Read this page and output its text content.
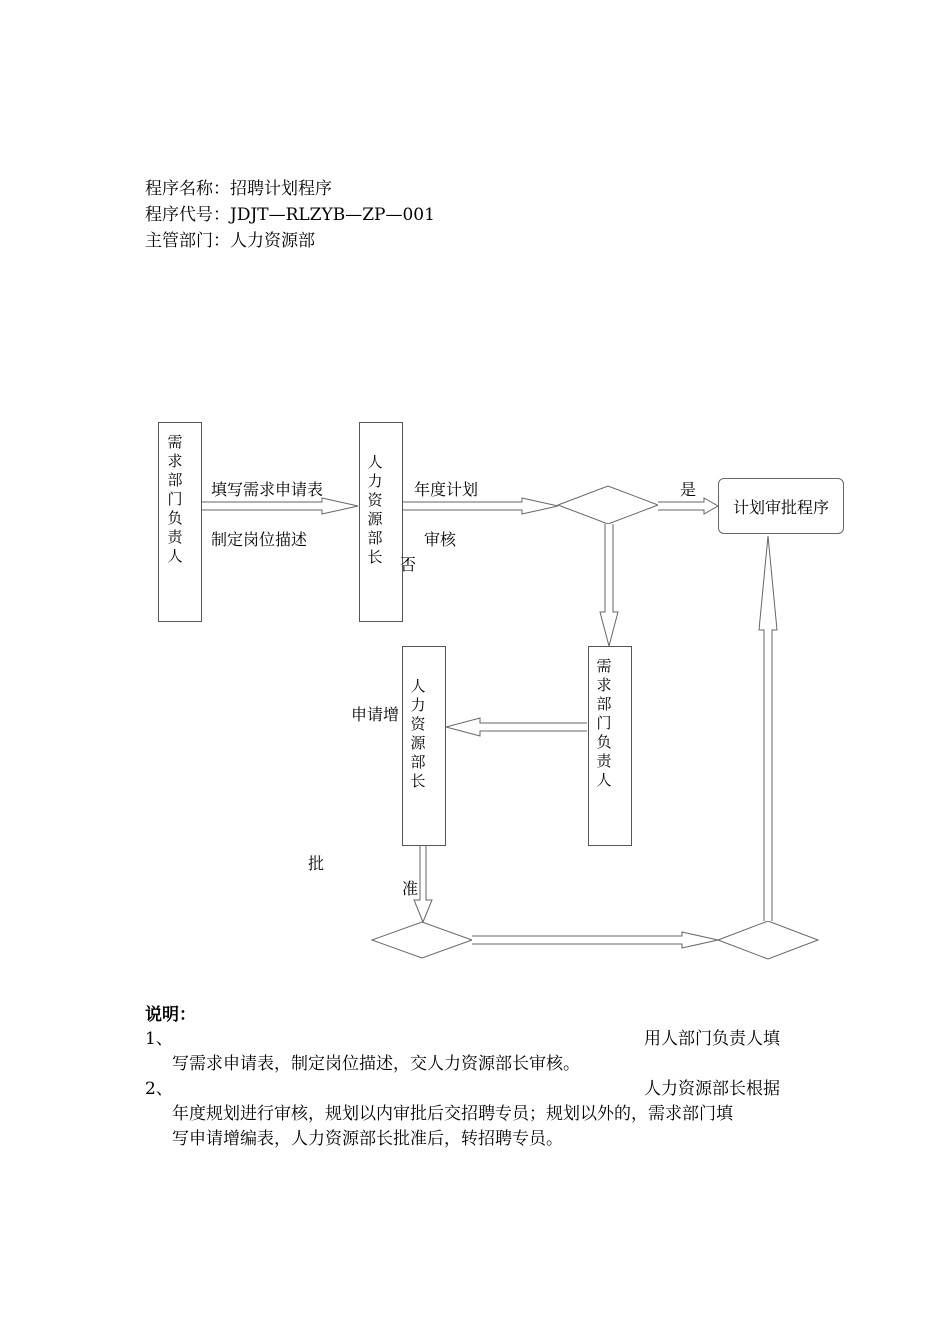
程序名称：招聘计划程序
程序代号：JDJT—RLZYB—ZP—001
主管部门：人力资源部
需求部门负责人
人力资源部长
需求部门负责人
人力资源部长
计划审批程序
填写需求申请表
制定岗位描述
年度计划
审核
是
否
申请增
批
准
说明：
1、	用人部门负责人填
写需求申请表，制定岗位描述，交人力资源部长审核。
2、	人力资源部长根据
年度规划进行审核，规划以内审批后交招聘专员；规划以外的，需求部门填
写申请增编表，人力资源部长批准后，转招聘专员。
